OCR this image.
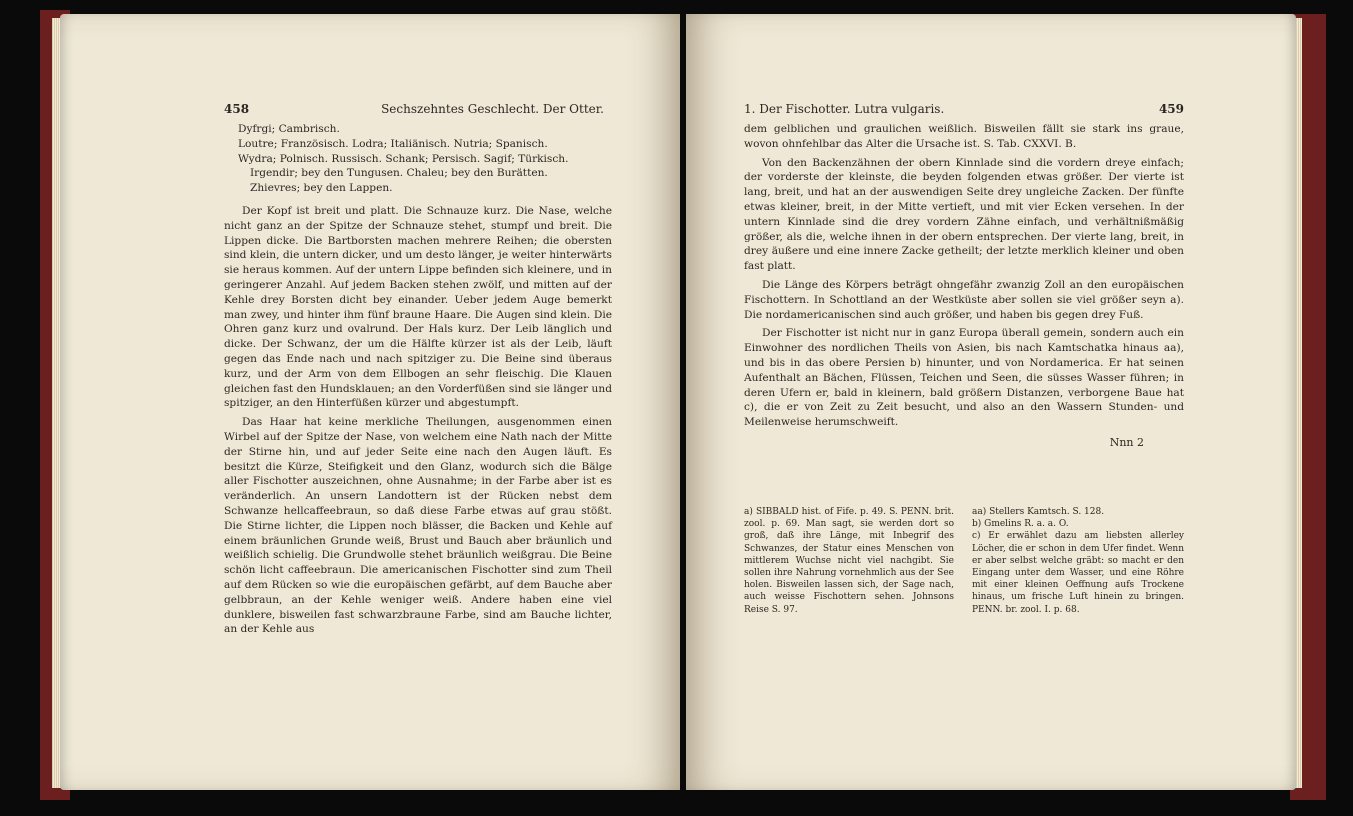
458	Sechszehntes Geschlecht. Der Otter.

Dyfrgi; Cambrisch.

Loutre; Französisch. Lodra; Italiänisch. Nutria; Spanisch.

Wydra; Polnisch. Russisch. Schank; Persisch. Sagif; Türkisch.

Irgendir; bey den Tungusen. Chaleu; bey den Burätten.

Zhievres; bey den Lappen.

Der Kopf ist breit und platt. Die Schnauze kurz. Die Nase, welche nicht ganz an der Spitze der Schnauze stehet, stumpf und breit. Die Lippen dicke. Die Bartborsten machen mehrere Reihen; die obersten sind klein, die untern dicker, und um desto länger, je weiter hinterwärts sie heraus kommen. Auf der untern Lippe befinden sich kleinere, und in geringerer Anzahl. Auf jedem Backen stehen zwölf, und mitten auf der Kehle drey Borsten dicht bey einander. Ueber jedem Auge bemerkt man zwey, und hinter ihm fünf braune Haare. Die Augen sind klein. Die Ohren ganz kurz und ovalrund. Der Hals kurz. Der Leib länglich und dicke. Der Schwanz, der um die Hälfte kürzer ist als der Leib, läuft gegen das Ende nach und nach spitziger zu. Die Beine sind überaus kurz, und der Arm von dem Ellbogen an sehr fleischig. Die Klauen gleichen fast den Hundsklauen; an den Vorderfüßen sind sie länger und spitziger, an den Hinterfüßen kürzer und abgestumpft.

Das Haar hat keine merkliche Theilungen, ausgenommen einen Wirbel auf der Spitze der Nase, von welchem eine Nath nach der Mitte der Stirne hin, und auf jeder Seite eine nach den Augen läuft. Es besitzt die Kürze, Steifigkeit und den Glanz, wodurch sich die Bälge aller Fischotter auszeichnen, ohne Ausnahme; in der Farbe aber ist es veränderlich. An unsern Landottern ist der Rücken nebst dem Schwanze hellcaffeebraun, so daß diese Farbe etwas auf grau stößt. Die Stirne lichter, die Lippen noch blässer, die Backen und Kehle auf einem bräunlichen Grunde weiß, Brust und Bauch aber bräunlich und weißlich schielig. Die Grundwolle stehet bräunlich weißgrau. Die Beine schön licht caffeebraun. Die americanischen Fischotter sind zum Theil auf dem Rücken so wie die europäischen gefärbt, auf dem Bauche aber gelbbraun, an der Kehle weniger weiß. Andere haben eine viel dunklere, bisweilen fast schwarzbraune Farbe, sind am Bauche lichter, an der Kehle aus

1. Der Fischotter. Lutra vulgaris.	459

dem gelblichen und graulichen weißlich. Bisweilen fällt sie stark ins graue, wovon ohnfehlbar das Alter die Ursache ist. S. Tab. CXXVI. B.

Von den Backenzähnen der obern Kinnlade sind die vordern dreye einfach; der vorderste der kleinste, die beyden folgenden etwas größer. Der vierte ist lang, breit, und hat an der auswendigen Seite drey ungleiche Zacken. Der fünfte etwas kleiner, breit, in der Mitte vertieft, und mit vier Ecken versehen. In der untern Kinnlade sind die drey vordern Zähne einfach, und verhältnißmäßig größer, als die, welche ihnen in der obern entsprechen. Der vierte lang, breit, in drey äußere und eine innere Zacke getheilt; der letzte merklich kleiner und oben fast platt.

Die Länge des Körpers beträgt ohngefähr zwanzig Zoll an den europäischen Fischottern. In Schottland an der Westküste aber sollen sie viel größer seyn a). Die nordamericanischen sind auch größer, und haben bis gegen drey Fuß.

Der Fischotter ist nicht nur in ganz Europa überall gemein, sondern auch ein Einwohner des nordlichen Theils von Asien, bis nach Kamtschatka hinaus aa), und bis in das obere Persien b) hinunter, und von Nordamerica. Er hat seinen Aufenthalt an Bächen, Flüssen, Teichen und Seen, die süsses Wasser führen; in deren Ufern er, bald in kleinern, bald größern Distanzen, verborgene Baue hat c), die er von Zeit zu Zeit besucht, und also an den Wassern Stunden- und Meilenweise herumschweift.

Nnn 2

a) SIBBALD hist. of Fife. p. 49. S. PENN. brit. zool. p. 69. Man sagt, sie werden dort so groß, daß ihre Länge, mit Inbegrif des Schwanzes, der Statur eines Menschen von mittlerem Wuchse nicht viel nachgibt. Sie sollen ihre Nahrung vornehmlich aus der See holen. Bisweilen lassen sich, der Sage nach, auch weisse Fischottern sehen. Johnsons Reise S. 97.

aa) Stellers Kamtsch. S. 128.

b) Gmelins R. a. a. O.

c) Er erwählet dazu am liebsten allerley Löcher, die er schon in dem Ufer findet. Wenn er aber selbst welche gräbt: so macht er den Eingang unter dem Wasser, und eine Röhre mit einer kleinen Oeffnung aufs Trockene hinaus, um frische Luft hinein zu bringen. PENN. br. zool. I. p. 68.
